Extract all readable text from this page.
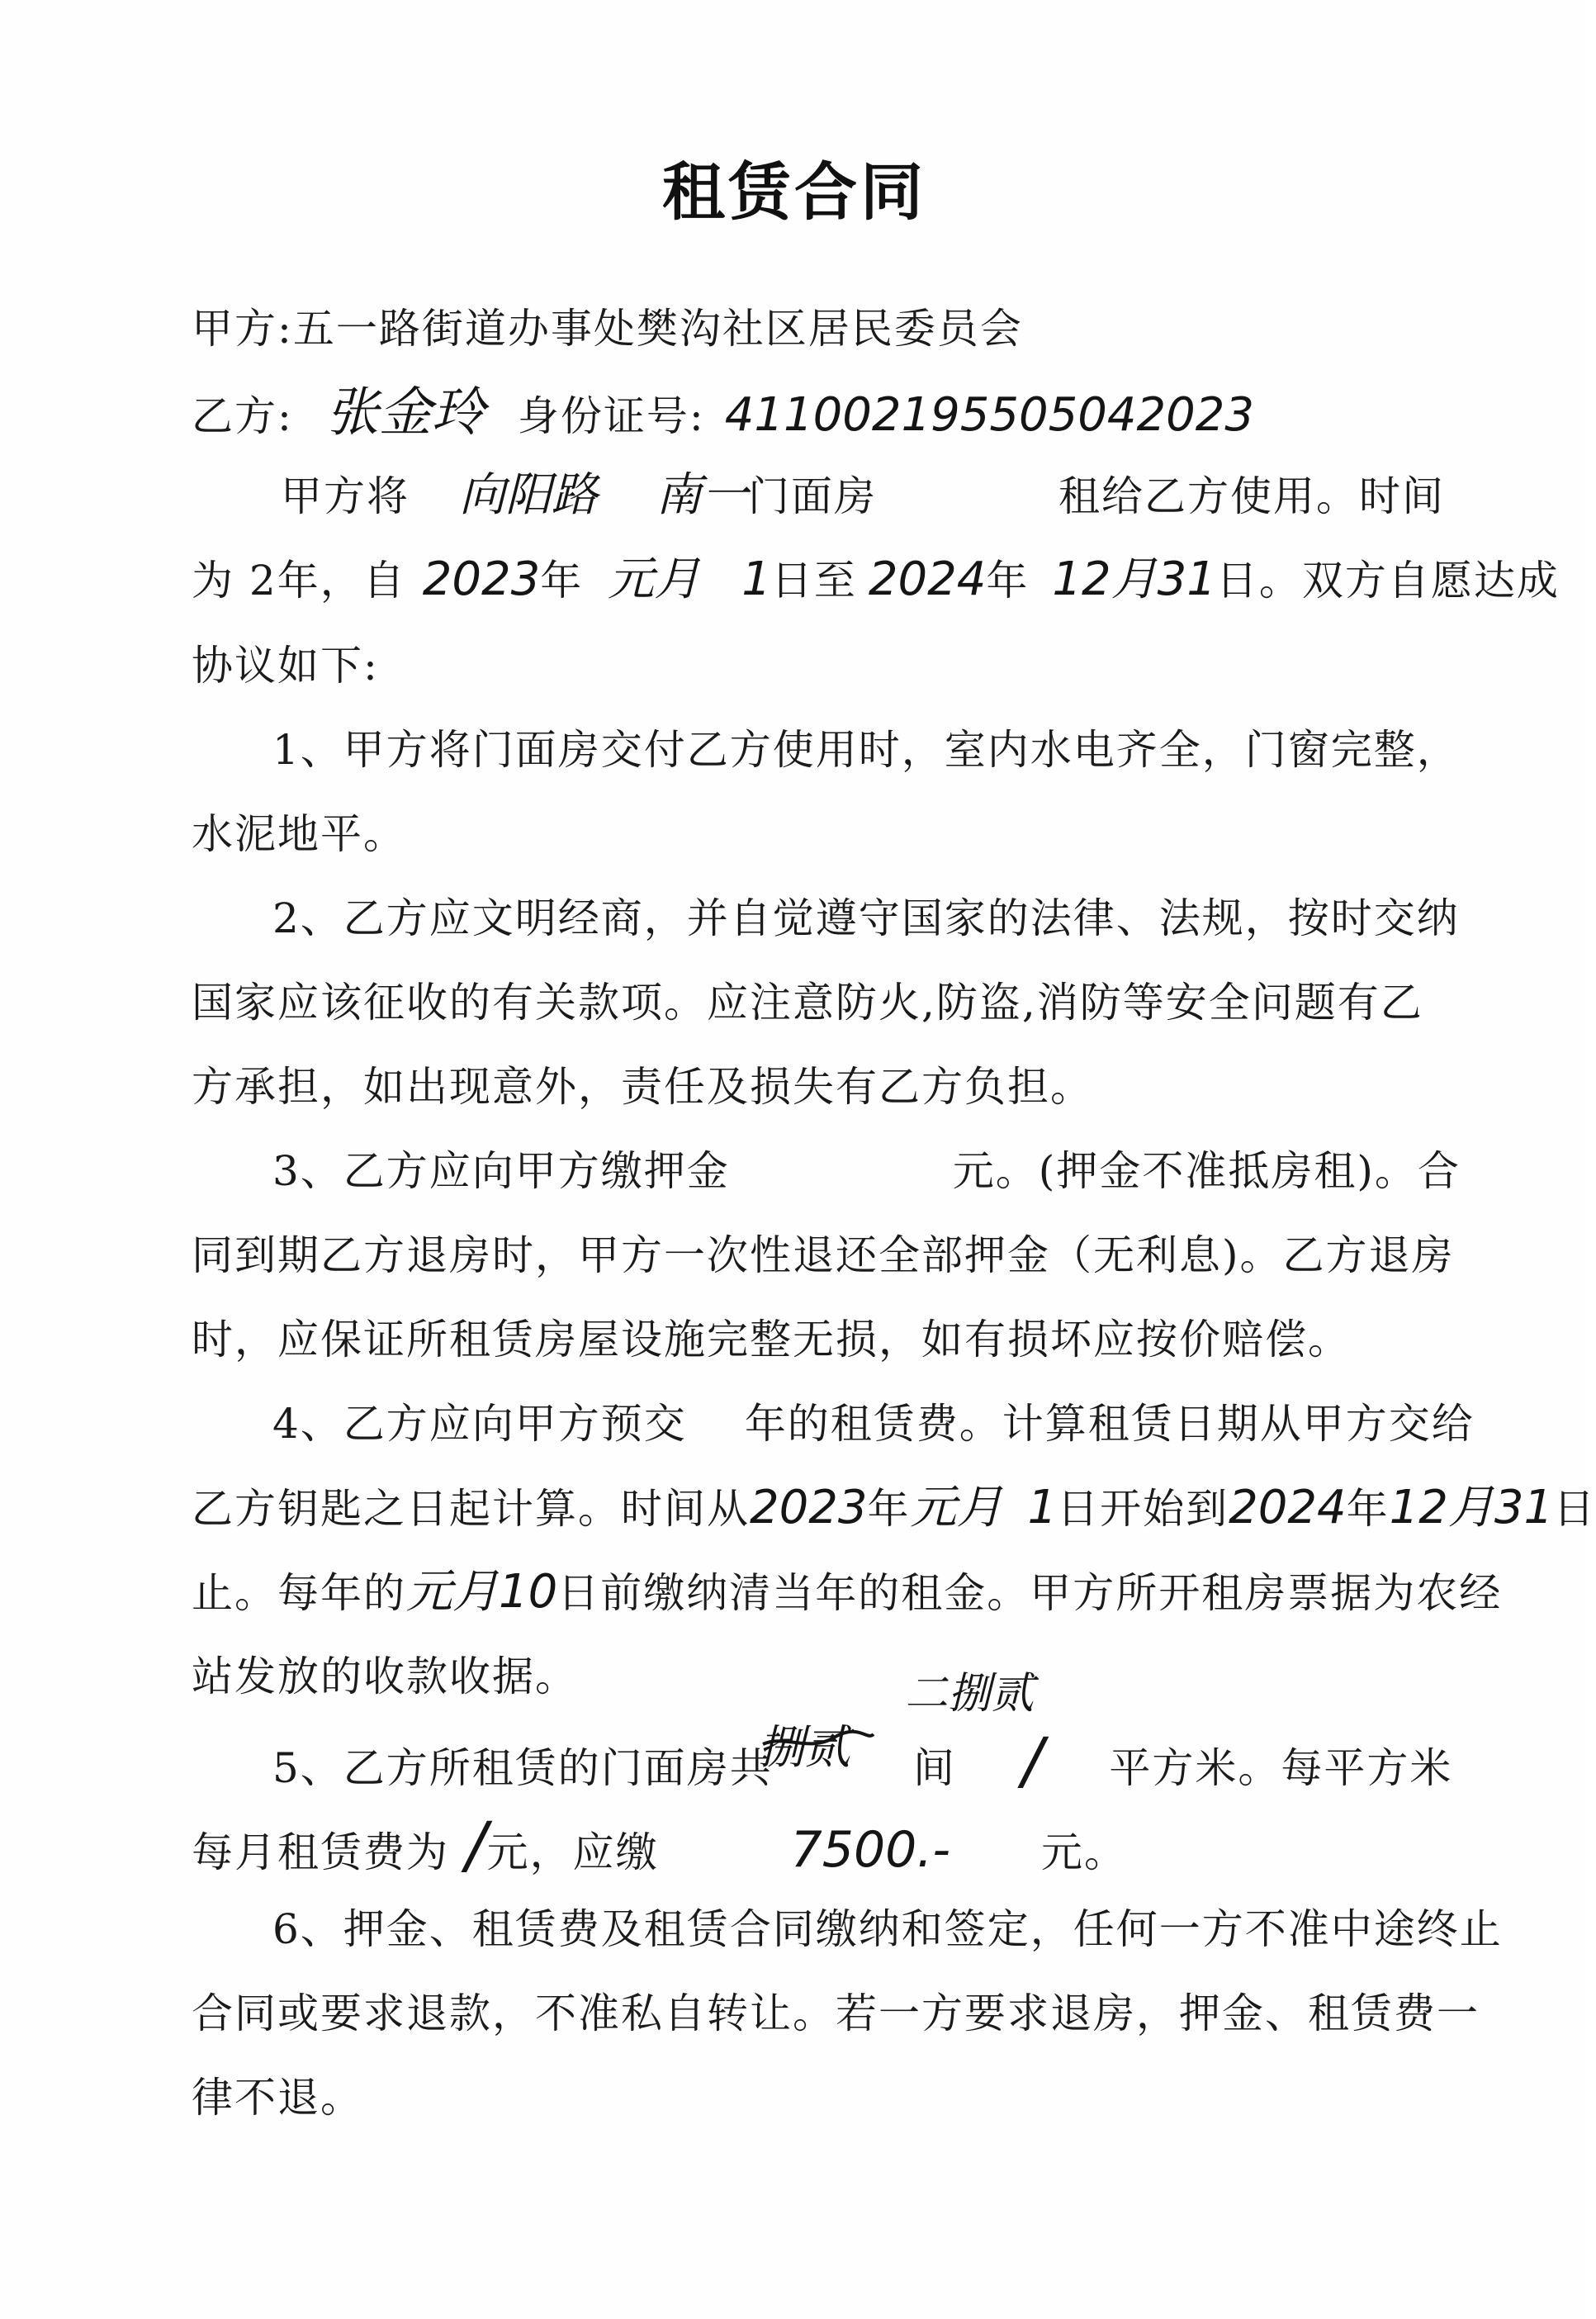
租赁合同
甲方:五一路街道办事处樊沟社区居民委员会
乙方: 张金玲 身份证号: 411002195505042023
甲方将 向阳路 南一门面房	租给乙方使用。时间
为 2年，自 2023年 元月 1日至 2024年 12月31日。双方自愿达成
协议如下:
1、甲方将门面房交付乙方使用时，室内水电齐全，门窗完整，
水泥地平。
2、乙方应文明经商，并自觉遵守国家的法律、法规，按时交纳
国家应该征收的有关款项。应注意防火,防盗,消防等安全问题有乙
方承担，如出现意外，责任及损失有乙方负担。
3、乙方应向甲方缴押金	元。(押金不准抵房租)。合
同到期乙方退房时，甲方一次性退还全部押金（无利息)。乙方退房
时，应保证所租赁房屋设施完整无损，如有损坏应按价赔偿。
4、乙方应向甲方预交 年的租赁费。计算租赁日期从甲方交给
乙方钥匙之日起计算。时间从2023年元月 1日开始到2024年12月31日
止。每年的元月10日前缴纳清当年的租金。甲方所开租房票据为农经
站发放的收款收据。
5、乙方所租赁的门面房共	间 / 平方米。每平方米
捌贰
二捌贰
每月租赁费为 /元，应缴	7500.- 元。
6、押金、租赁费及租赁合同缴纳和签定，任何一方不准中途终止
合同或要求退款，不准私自转让。若一方要求退房，押金、租赁费一
律不退。
